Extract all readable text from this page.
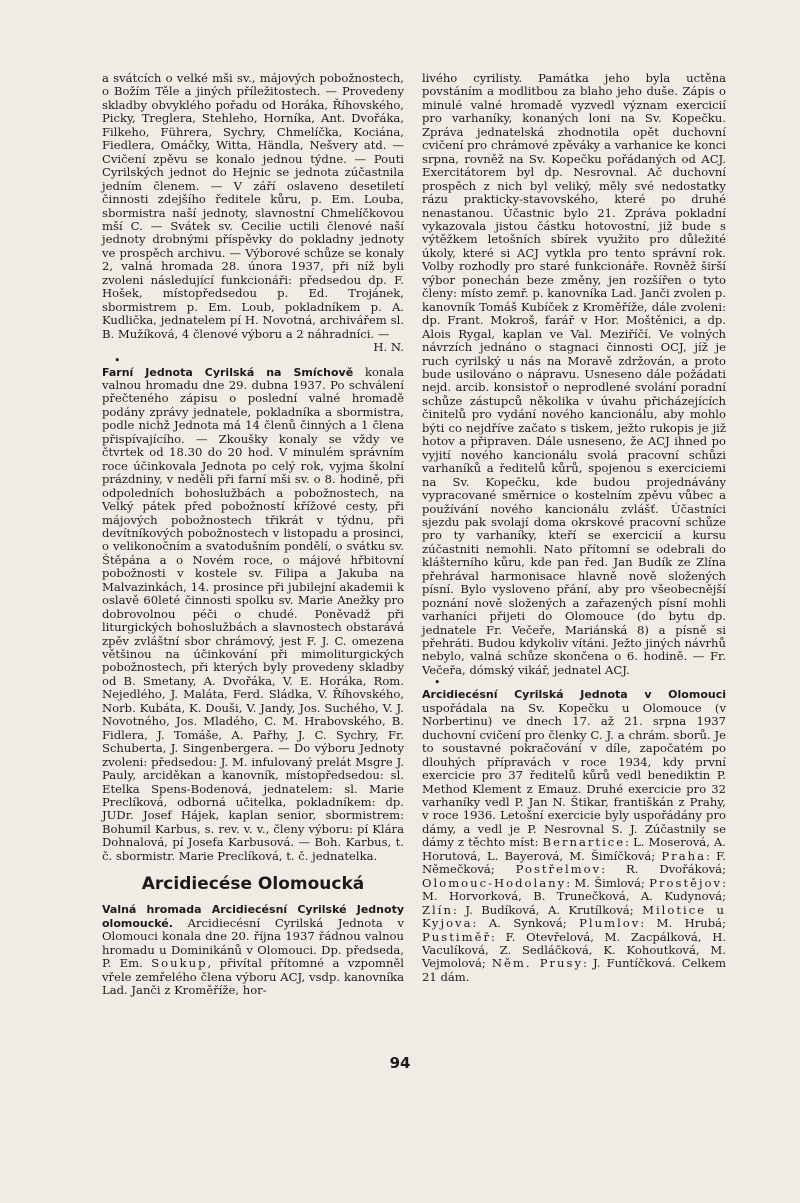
a svátcích o velké mši sv., májových pobožnostech, o Božím Těle a jiných příležitostech. — Provedeny skladby obvyklého pořadu od Horáka, Říhovského, Picky, Treglera, Stehleho, Horníka, Ant. Dvořáka, Filkeho, Führera, Sychry, Chmelíčka, Kociána, Fiedlera, Omáčky, Witta, Händla, Nešvery atd. — Cvičení zpěvu se konalo jednou týdne. — Pouti Cyrilských jednot do Hejnic se jednota zúčastnila jedním členem. — V září oslaveno desetiletí činnosti zdejšího ředitele kůru, p. Em. Louba, sbormistra naší jednoty, slavnostní Chmelíčkovou mší C. — Svátek sv. Cecilie uctili členové naší jednoty drobnými příspěvky do pokladny jednoty ve prospěch archivu. — Výborové schůze se konaly 2, valná hromada 28. února 1937, při níž byli zvoleni následující funkcionáři: předsedou dp. F. Hošek, místopředsedou p. Ed. Trojánek, sbormistrem p. Em. Loub, pokladníkem p. A. Kudlička, jednatelem pí H. Novotná, archivářem sl. B. Mužíková, 4 členové výboru a 2 náhradníci. —

H. N.

•

Farní Jednota Cyrilská na Smíchově konala valnou hromadu dne 29. dubna 1937. Po schválení přečteného zápisu o poslední valné hromadě podány zprávy jednatele, pokladníka a sbormistra, podle nichž Jednota má 14 členů činných a 1 člena přispívajícího. — Zkoušky konaly se vždy ve čtvrtek od 18.30 do 20 hod. V minulém správním roce účinkovala Jednota po celý rok, vyjma školní prázdniny, v neděli při farní mši sv. o 8. hodině, při odpoledních bohoslužbách a pobožnostech, na Velký pátek před pobožností křížové cesty, při májových pobožnostech třikrát v týdnu, při devítníkových pobožnostech v listopadu a prosinci, o velikonočním a svatodušním pondělí, o svátku sv. Štěpána a o Novém roce, o májové hřbitovní pobožnosti v kostele sv. Filipa a Jakuba na Malvazinkách, 14. prosince při jubilejní akademii k oslavě 60leté činnosti spolku sv. Marie Anežky pro dobrovolnou péči o chudé. Poněvadž při liturgických bohoslužbách a slavnostech obstarává zpěv zvláštní sbor chrámový, jest F. J. C. omezena většinou na účinkování při mimoliturgických pobožnostech, při kterých byly provedeny skladby od B. Smetany, A. Dvořáka, V. E. Horáka, Rom. Nejedlého, J. Maláta, Ferd. Sládka, V. Říhovského, Norb. Kubáta, K. Douši, V. Jandy, Jos. Suchého, V. J. Novotného, Jos. Mladého, C. M. Hrabovského, B. Fidlera, J. Tomáše, A. Pařhy, J. C. Sychry, Fr. Schuberta, J. Singenbergera. — Do výboru Jednoty zvoleni: předsedou: J. M. infulovaný prelát Msgre J. Pauly, arciděkan a kanovník, místopředsedou: sl. Etelka Spens-Bodenová, jednatelem: sl. Marie Preclíková, odborná učitelka, pokladníkem: dp. JUDr. Josef Hájek, kaplan senior, sbormistrem: Bohumil Karbus, s. rev. v. v., členy výboru: pí Klára Dohnalová, pí Josefa Karbusová. — Boh. Karbus, t. č. sbormistr. Marie Preclíková, t. č. jednatelka.

Arcidiecése Olomoucká

Valná hromada Arcidiecésní Cyrilské Jednoty olomoucké. Arcidiecésní Cyrilská Jednota v Olomouci konala dne 20. října 1937 řádnou valnou hromadu u Dominikánů v Olomouci. Dp. předseda, P. Em. Soukup, přivítal přítomné a vzpomněl vřele zemřelého člena výboru ACJ, vsdp. kanovníka Lad. Janči z Kroměříže, hor-

livého cyrilisty. Památka jeho byla uctěna povstáním a modlitbou za blaho jeho duše. Zápis o minulé valné hromadě vyzvedl význam exercicií pro varhaníky, konaných loni na Sv. Kopečku. Zpráva jednatelská zhodnotila opět duchovní cvičení pro chrámové zpěváky a varhanice ke konci srpna, rovněž na Sv. Kopečku pořádaných od ACJ. Exercitátorem byl dp. Nesrovnal. Ač duchovní prospěch z nich byl veliký, měly své nedostatky rázu prakticky-stavovského, které po druhé nenastanou. Účastnic bylo 21. Zpráva pokladní vykazovala jistou částku hotovostní, již bude s výtěžkem letošních sbírek využito pro důležité úkoly, které si ACJ vytkla pro tento správní rok. Volby rozhodly pro staré funkcionáře. Rovněž širší výbor ponechán beze změny, jen rozšířen o tyto členy: místo zemř. p. kanovníka Lad. Janči zvolen p. kanovník Tomáš Kubíček z Kroměříže, dále zvoleni: dp. Frant. Mokroš, farář v Hor. Moštěnici, a dp. Alois Rygal, kaplan ve Val. Meziříčí. Ve volných návrzích jednáno o stagnaci činnosti OCJ, jíž je ruch cyrilský u nás na Moravě zdržován, a proto bude usilováno o nápravu. Usneseno dále požádati nejd. arcib. konsistoř o neprodlené svolání poradní schůze zástupců několika v úvahu přicházejících činitelů pro vydání nového kancionálu, aby mohlo býti co nejdříve začato s tiskem, ježto rukopis je již hotov a připraven. Dále usneseno, že ACJ ihned po vyjití nového kancionálu svolá pracovní schůzi varhaníků a ředitelů kůrů, spojenou s exerciciemi na Sv. Kopečku, kde budou projednávány vypracované směrnice o kostelním zpěvu vůbec a používání nového kancionálu zvlášť. Účastníci sjezdu pak svolají doma okrskové pracovní schůze pro ty varhaníky, kteří se exercicií a kursu zúčastniti nemohli. Nato přítomní se odebrali do klášterního kůru, kde pan řed. Jan Budík ze Zlína přehrával harmonisace hlavně nově složených písní. Bylo vysloveno přání, aby pro všeobecnější poznání nově složených a zařazených písní mohli varhaníci přijeti do Olomouce (do bytu dp. jednatele Fr. Večeře, Mariánská 8) a písně si přehráti. Budou kdykoliv vítáni. Ježto jiných návrhů nebylo, valná schůze skončena o 6. hodině. — Fr. Večeřa, dómský vikář, jednatel ACJ.

•

Arcidiecésní Cyrilská Jednota v Olomouci uspořádala na Sv. Kopečku u Olomouce (v Norbertinu) ve dnech 17. až 21. srpna 1937 duchovní cvičení pro členky C. J. a chrám. sborů. Je to soustavné pokračování v díle, započatém po dlouhých přípravách v roce 1934, kdy první exercicie pro 37 ředitelů kůrů vedl benediktin P. Method Klement z Emauz. Druhé exercicie pro 32 varhaníky vedl P. Jan N. Štikar, františkán z Prahy, v roce 1936. Letošní exercicie byly uspořádány pro dámy, a vedl je P. Nesrovnal S. J. Zúčastnily se dámy z těchto míst: Bernartice: L. Moserová, A. Horutová, L. Bayerová, M. Šimíčková; Praha: F. Němečková; Postřelmov: R. Dvořáková; Olomouc-Hodolany: M. Šimlová; Prostějov: M. Horvorková, B. Trunečková, A. Kudynová; Zlín: J. Budíková, A. Krutílková; Milotice u Kyjova: A. Synková; Plumlov: M. Hrubá; Pustiměř: F. Otevřelová, M. Zacpálková, H. Vaculíková, Z. Sedláčková, K. Kohoutková, M. Vejmolová; Něm. Prusy: J. Funtíčková. Celkem 21 dám.

94
